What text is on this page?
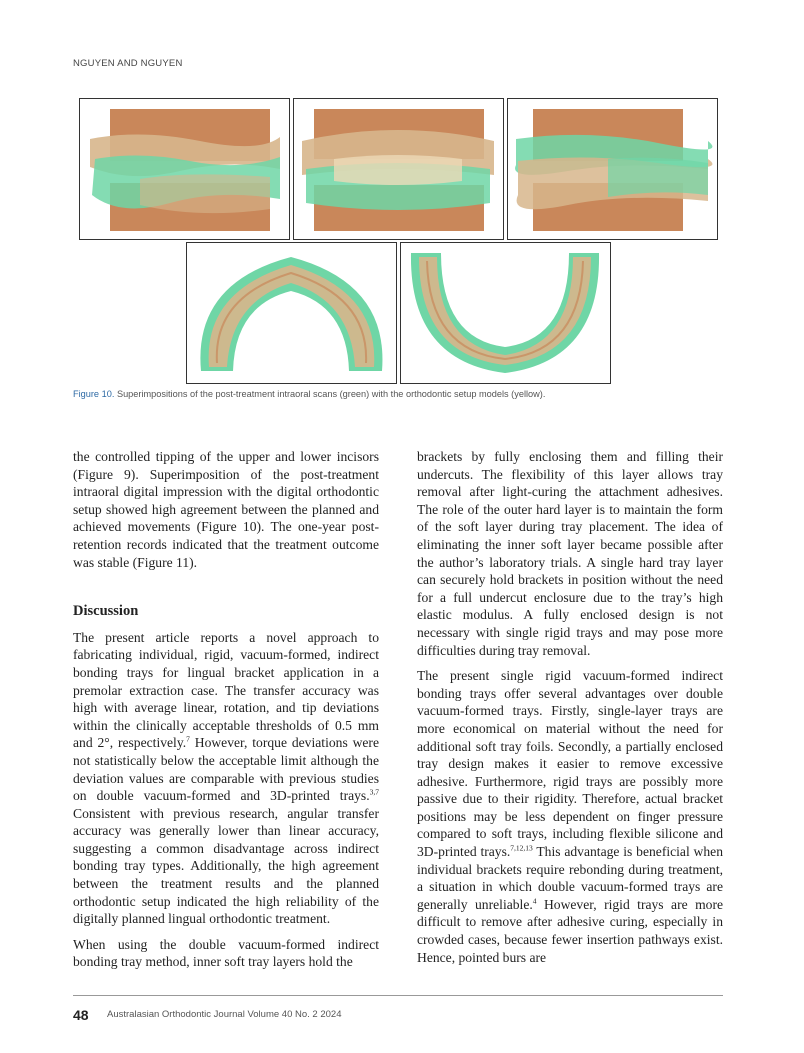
NGUYEN AND NGUYEN
Figure 10. Superimpositions of the post-treatment intraoral scans (green) with the orthodontic setup models (yellow).

the controlled tipping of the upper and lower incisors (Figure 9). Superimposition of the post-treatment intraoral digital impression with the digital orthodontic setup showed high agreement between the planned and achieved movements (Figure 10). The one-year post-retention records indicated that the treatment outcome was stable (Figure 11).

Discussion

The present article reports a novel approach to fabricating individual, rigid, vacuum-formed, indirect bonding trays for lingual bracket application in a premolar extraction case. The transfer accuracy was high with average linear, rotation, and tip deviations within the clinically acceptable thresholds of 0.5 mm and 2°, respectively.$^7$ However, torque deviations were not statistically below the acceptable limit although the deviation values are comparable with previous studies on double vacuum-formed and 3D-printed trays.$^{3,7}$ Consistent with previous research, angular transfer accuracy was generally lower than linear accuracy, suggesting a common disadvantage across indirect bonding tray types. Additionally, the high agreement between the treatment results and the planned orthodontic setup indicated the high reliability of the digitally planned lingual orthodontic treatment.

When using the double vacuum-formed indirect bonding tray method, inner soft tray layers hold the

brackets by fully enclosing them and filling their undercuts. The flexibility of this layer allows tray removal after light-curing the attachment adhesives. The role of the outer hard layer is to maintain the form of the soft layer during tray placement. The idea of eliminating the inner soft layer became possible after the author’s laboratory trials. A single hard tray layer can securely hold brackets in position without the need for a full undercut enclosure due to the tray’s high elastic modulus. A fully enclosed design is not necessary with single rigid trays and may pose more difficulties during tray removal.

The present single rigid vacuum-formed indirect bonding trays offer several advantages over double vacuum-formed trays. Firstly, single-layer trays are more economical on material without the need for additional soft tray foils. Secondly, a partially enclosed tray design makes it easier to remove excessive adhesive. Furthermore, rigid trays are possibly more passive due to their rigidity. Therefore, actual bracket positions may be less dependent on finger pressure compared to soft trays, including flexible silicone and 3D-printed trays.$^{7,12,13}$ This advantage is beneficial when individual brackets require rebonding during treatment, a situation in which double vacuum-formed trays are generally unreliable.$^4$ However, rigid trays are more difficult to remove after adhesive curing, especially in crowded cases, because fewer insertion pathways exist. Hence, pointed burs are

48 Australasian Orthodontic Journal Volume 40 No. 2 2024
